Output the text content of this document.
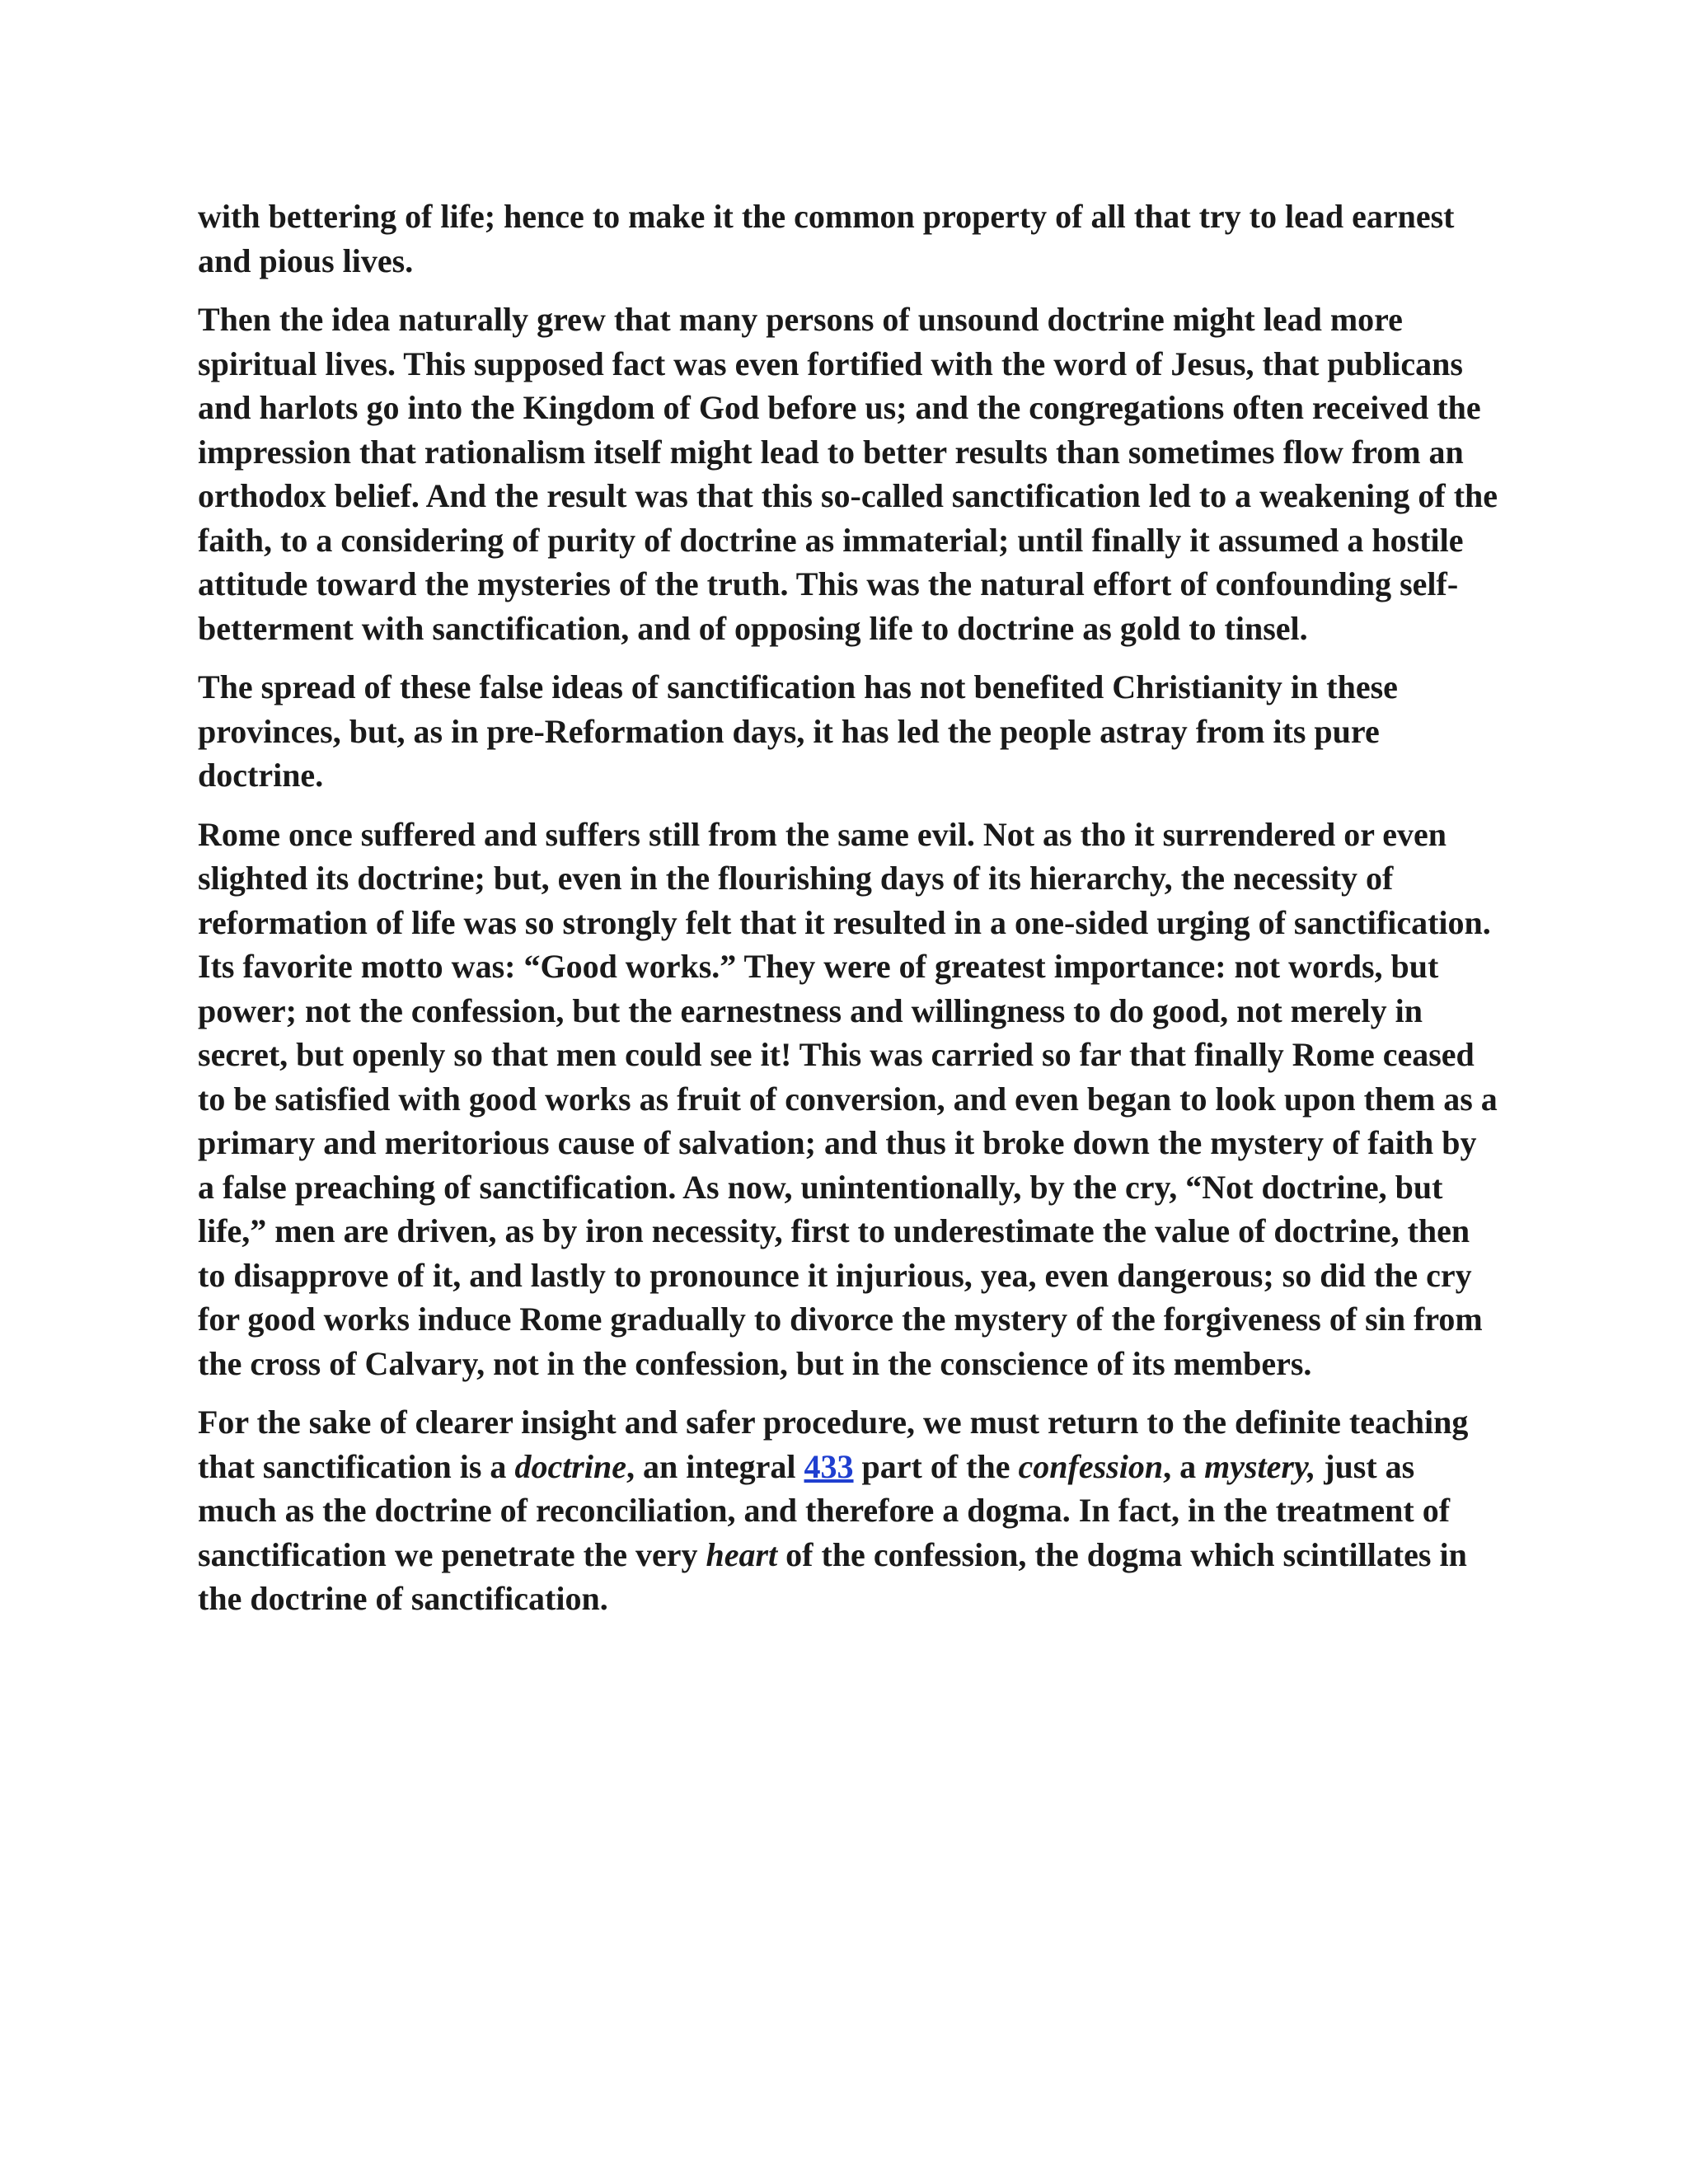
with bettering of life; hence to make it the common property of all that try to lead earnest and pious lives.

Then the idea naturally grew that many persons of unsound doctrine might lead more spiritual lives. This supposed fact was even fortified with the word of Jesus, that publicans and harlots go into the Kingdom of God before us; and the congregations often received the impression that rationalism itself might lead to better results than sometimes flow from an orthodox belief. And the result was that this so-called sanctification led to a weakening of the faith, to a considering of purity of doctrine as immaterial; until finally it assumed a hostile attitude toward the mysteries of the truth. This was the natural effort of confounding self-betterment with sanctification, and of opposing life to doctrine as gold to tinsel.

The spread of these false ideas of sanctification has not benefited Christianity in these provinces, but, as in pre-Reformation days, it has led the people astray from its pure doctrine.

Rome once suffered and suffers still from the same evil. Not as tho it surrendered or even slighted its doctrine; but, even in the flourishing days of its hierarchy, the necessity of reformation of life was so strongly felt that it resulted in a one-sided urging of sanctification. Its favorite motto was: “Good works.” They were of greatest importance: not words, but power; not the confession, but the earnestness and willingness to do good, not merely in secret, but openly so that men could see it! This was carried so far that finally Rome ceased to be satisfied with good works as fruit of conversion, and even began to look upon them as a primary and meritorious cause of salvation; and thus it broke down the mystery of faith by a false preaching of sanctification. As now, unintentionally, by the cry, “Not doctrine, but life,” men are driven, as by iron necessity, first to underestimate the value of doctrine, then to disapprove of it, and lastly to pronounce it injurious, yea, even dangerous; so did the cry for good works induce Rome gradually to divorce the mystery of the forgiveness of sin from the cross of Calvary, not in the confession, but in the conscience of its members.

For the sake of clearer insight and safer procedure, we must return to the definite teaching that sanctification is a doctrine, an integral 433 part of the confession, a mystery, just as much as the doctrine of reconciliation, and therefore a dogma. In fact, in the treatment of sanctification we penetrate the very heart of the confession, the dogma which scintillates in the doctrine of sanctification.
